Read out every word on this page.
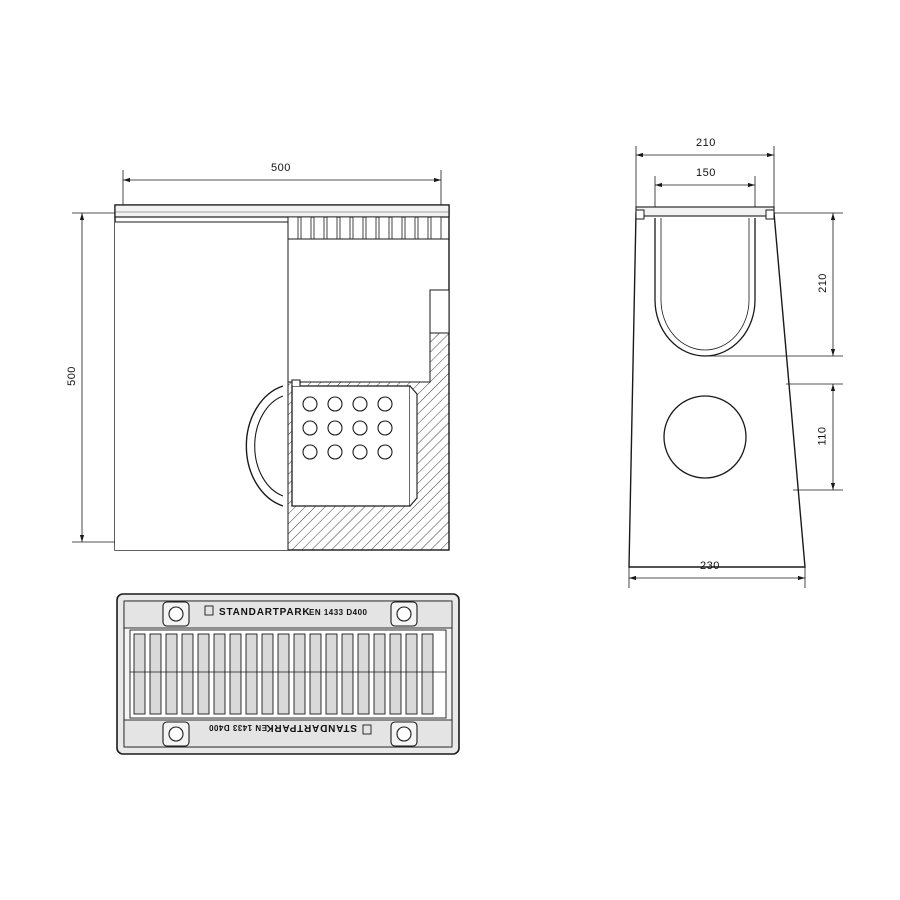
STANDARTPARK
EN 1433 D400
STANDARTPARK
EN 1433 D400
500
500
210
150
210
110
230
